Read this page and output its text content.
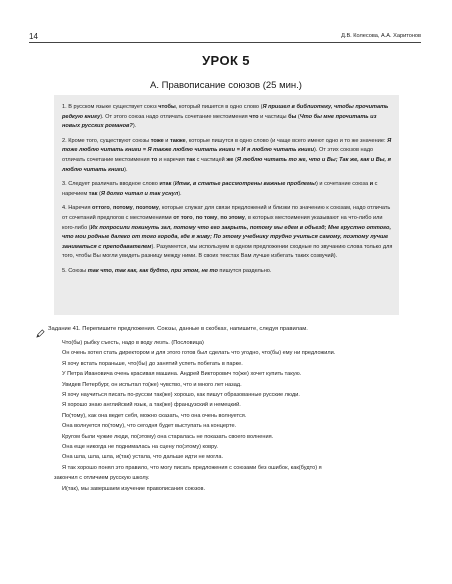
14	Д.В. Колесова, А.А. Харитонов
УРОК 5
А. Правописание союзов (25 мин.)

1. В русском языке существует союз чтобы, который пишется в одно слово (Я пришел в библиотеку, чтобы прочитать редкую книгу). От этого союза надо отличать сочетание местоимения что и частицы бы (Что бы мне прочитать из новых русских романов?).

2. Кроме того, существуют союзы тоже и также, которые пишутся в одно слово (и чаще всего имеют одно и то же значение: Я тоже люблю читать книги = Я также люблю читать книги = И я люблю читать книги). От этих союзов надо отличать сочетание местоимения то и наречия так с частицей же (Я люблю читать то же, что и Вы; Так же, как и Вы, я люблю читать книги).

3. Следует различать вводное слово итак (Итак, в статье рассмотрены важные проблемы) и сочетание союза и с наречием так (Я долго читал и так уснул).

4. Наречия оттого, потому, поэтому, которые служат для связи предложений и близки по значению к союзам, надо отличать от сочетаний предлогов с местоимениями от того, по тому, по этому, в которых местоимения указывают на что-либо или кого-либо (Их попросили покинуть зал, потому что его закрыть, потому мы едем в объезд; Мне грустно оттого, что мои родные далеко от того города, где я живу; По этому учебнику трудно учиться самому, поэтому лучше заниматься с преподавателем). Разумеется, мы используем в одном предложении сходные по звучанию слова только для того, чтобы Вы могли увидеть разницу между ними. В своих текстах Вам лучше избегать таких созвучий).

5. Союзы так что, так как, как будто, при этом, не то пишутся раздельно.

Задание 41. Перепишите предложения. Союзы, данные в скобках, напишите, следуя правилам.
Что(бы) рыбку съесть, надо в воду лезть. (Пословица)
Он очень хотел стать директором и для этого готов был сделать что угодно, что(бы) ему ни предложили.
Я хочу встать пораньше, что(бы) до занятий успеть побегать в парке.
У Петра Ивановича очень красивая машина. Андрей Викторович то(же) хочет купить такую.
Увидев Петербург, он испытал то(же) чувство, что и много лет назад.
Я хочу научиться писать по-русски так(же) хорошо, как пишут образованные русские люди.
Я хорошо знаю английский язык, а так(же) французский и немецкий.
По(тому), как она ведет себя, можно сказать, что она очень волнуется.
Она волнуется по(тому), что сегодня будет выступать на концерте.
Кругом были чужие люди, по(этому) она старалась не показать своего волнения.
Она еще никогда не поднималась на сцену по(этому) ковру.
Она шла, шла, шла, и(так) устала, что дальше идти не могла.
Я так хорошо понял это правило, что могу писать предложения с союзами без ошибок, как(будто) я
закончил с отличием русскую школу.
И(так), мы завершаем изучение правописания союзов.
